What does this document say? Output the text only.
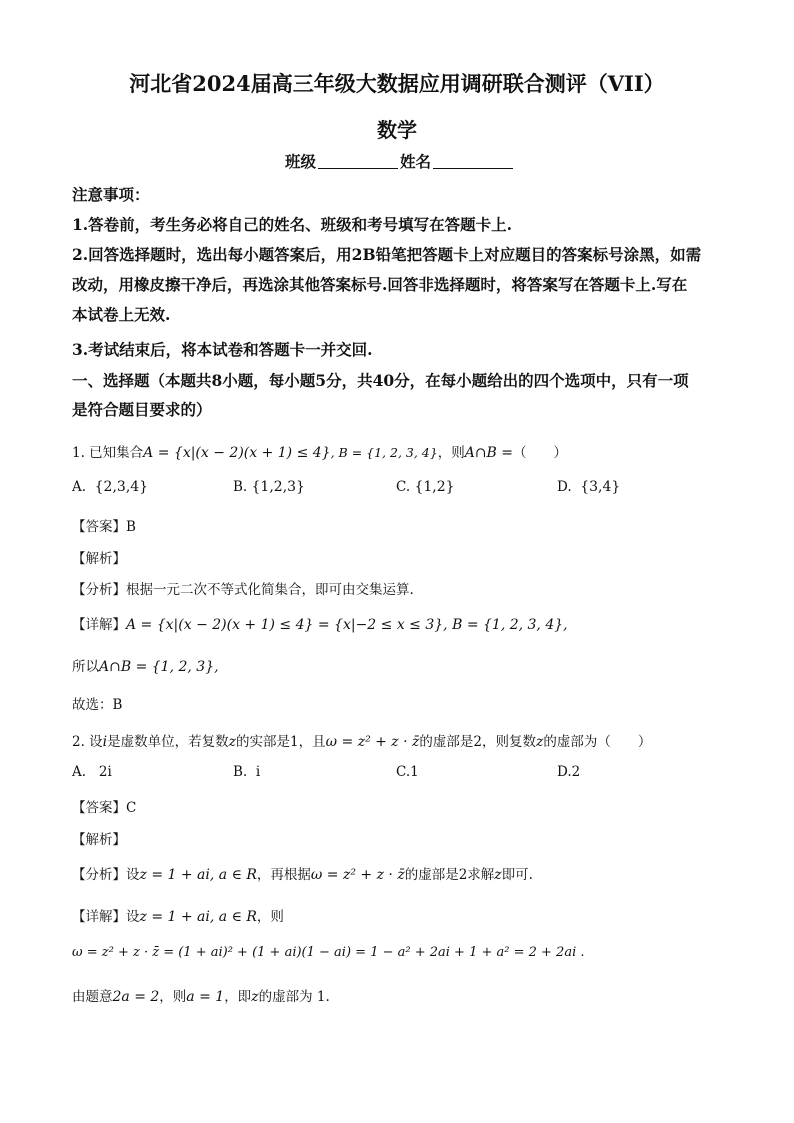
河北省2024届高三年级大数据应用调研联合测评（VII）
数学
班级	姓名
注意事项：
1.答卷前，考生务必将自己的姓名、班级和考号填写在答题卡上.
2.回答选择题时，选出每小题答案后，用2B铅笔把答题卡上对应题目的答案标号涂黑，如需
改动，用橡皮擦干净后，再选涂其他答案标号.回答非选择题时，将答案写在答题卡上.写在
本试卷上无效.
3.考试结束后，将本试卷和答题卡一并交回.
一、选择题（本题共8小题，每小题5分，共40分，在每小题给出的四个选项中，只有一项
是符合题目要求的）
1. 已知集合A = {x|(x − 2)(x + 1) ≤ 4}, B = {1, 2, 3, 4}，则A∩B =（　　）
A. {2,3,4}	B. {1,2,3}	C. {1,2}	D. {3,4}
【答案】B
【解析】
【分析】根据一元二次不等式化简集合，即可由交集运算.
【详解】A = {x|(x − 2)(x + 1) ≤ 4} = {x|−2 ≤ x ≤ 3}, B = {1, 2, 3, 4},
所以A∩B = {1, 2, 3},
故选：B
2. 设i是虚数单位，若复数z的实部是1，且ω = z² + z · z̄的虚部是2，则复数z的虚部为（　　）
A. 2i	B. i	C.1	D.2
【答案】C
【解析】
【分析】设z = 1 + ai, a ∈ R，再根据ω = z² + z · z̄的虚部是2求解z即可.
【详解】设z = 1 + ai, a ∈ R，则
ω = z² + z · z̄ = (1 + ai)² + (1 + ai)(1 − ai) = 1 − a² + 2ai + 1 + a² = 2 + 2ai .
由题意2a = 2，则a = 1，即z的虚部为 1.
